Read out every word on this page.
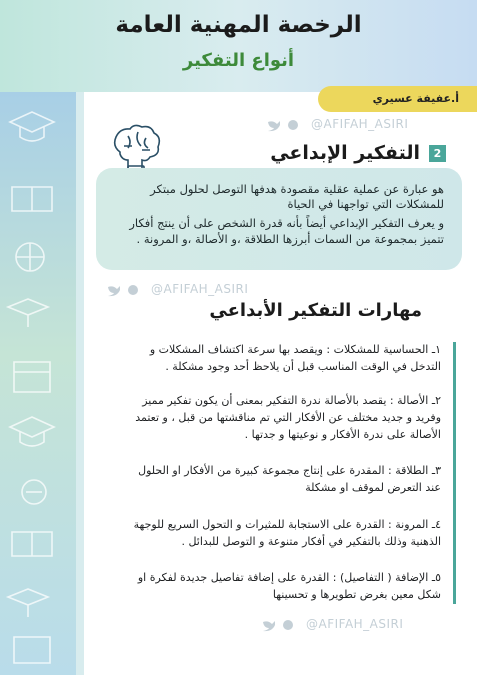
الرخصة المهنية العامة
أنواع التفكير
أ.عفيفة عسيري
@AFIFAH_ASIRI
@AFIFAH_ASIRI
@AFIFAH_ASIRI
التفكير الإبداعي	2

هو عبارة عن عملية عقلية مقصودة هدفها التوصل لحلول مبتكر

للمشكلات التي تواجهنا في الحياة

و يعرف التفكير الإبداعي أيضاً بأنه قدرة الشخص على أن ينتج أفكار

تتميز بمجموعة من السمات أبرزها الطلاقة ،و الأصالة ،و المرونة .

مهارات التفكير الأبداعي
١ـ الحساسية للمشكلات : ويقصد بها سرعة اكتشاف المشكلات و
التدخل في الوقت المناسب قبل أن يلاحظ أحد وجود مشكلة .
٢ـ الأصالة : يقصد بالأصالة ندرة التفكير بمعنى أن يكون تفكير مميز
وفريد و جديد مختلف عن الأفكار التي تم مناقشتها من قبل ، و تعتمد
الأصالة على ندرة الأفكار و نوعيتها و جدتها .
٣ـ الطلاقة : المقدرة على إنتاج مجموعة كبيرة من الأفكار او الحلول
عند التعرض لموقف او مشكلة
٤ـ المرونة : القدرة على الاستجابة للمثيرات و التحول السريع للوجهة
الذهنية وذلك بالتفكير في أفكار متنوعة و التوصل للبدائل .
٥ـ الإضافة ( التفاصيل) : القدرة على إضافة تفاصيل جديدة لفكرة او
شكل معين بغرض تطويرها و تحسينها
